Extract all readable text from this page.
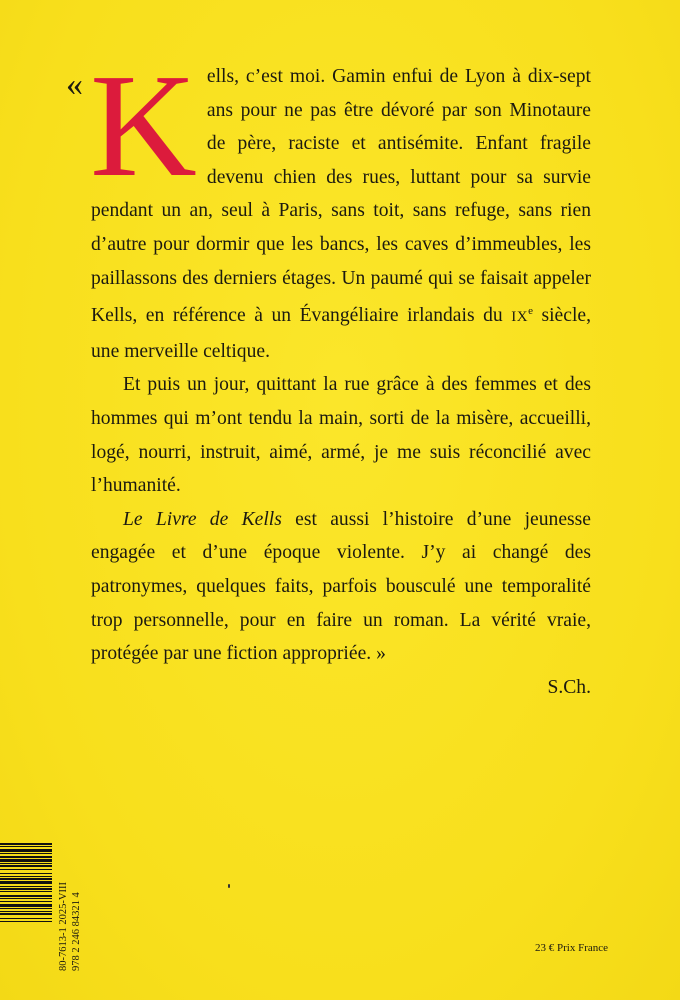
« Kells, c’est moi. Gamin enfui de Lyon à dix-sept ans pour ne pas être dévoré par son Minotaure de père, raciste et antisémite. Enfant fragile devenu chien des rues, luttant pour sa survie pendant un an, seul à Paris, sans toit, sans refuge, sans rien d’autre pour dormir que les bancs, les caves d’immeubles, les paillassons des derniers étages. Un paumé qui se faisait appeler Kells, en référence à un Évangéliaire irlandais du IXe siècle, une merveille celtique.

Et puis un jour, quittant la rue grâce à des femmes et des hommes qui m’ont tendu la main, sorti de la misère, accueilli, logé, nourri, instruit, aimé, armé, je me suis réconcilié avec l’humanité.

Le Livre de Kells est aussi l’histoire d’une jeunesse engagée et d’une époque violente. J’y ai changé des patronymes, quelques faits, parfois bousculé une temporalité trop personnelle, pour en faire un roman. La vérité vraie, protégée par une fiction appropriée. »

S.Ch.

80-7613-1 2025-VIII 978 2 246 84321 4	23 € Prix France
